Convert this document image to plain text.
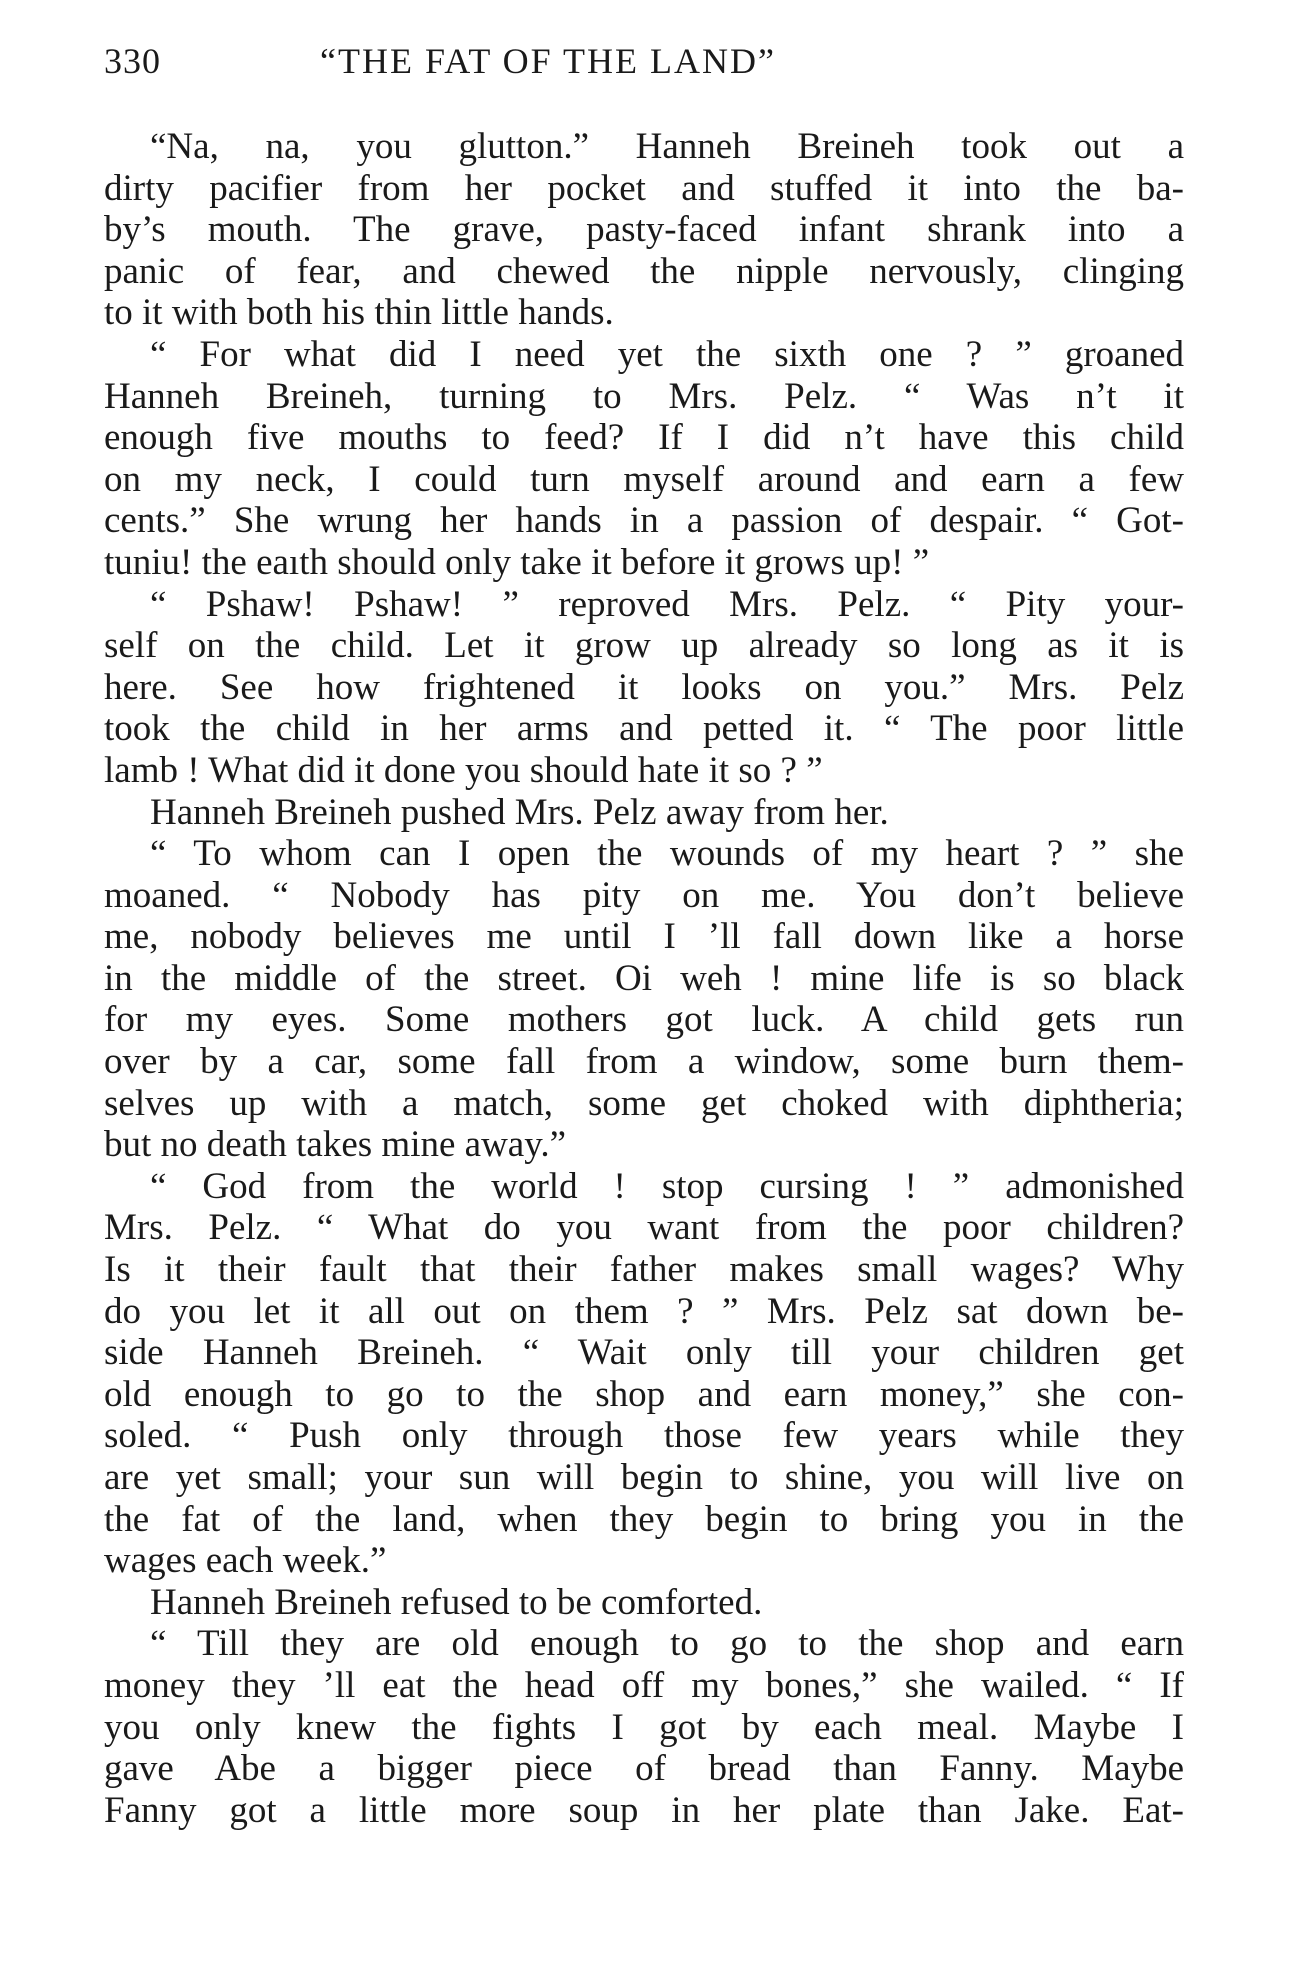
330	“THE FAT OF THE LAND”

“Na, na, you glutton.” Hanneh Breineh took out a
dirty pacifier from her pocket and stuffed it into the ba-
by’s mouth. The grave, pasty-faced infant shrank into a
panic of fear, and chewed the nipple nervously, clinging
to it with both his thin little hands.

“ For what did I need yet the sixth one ? ” groaned
Hanneh Breineh, turning to Mrs. Pelz. “ Was n’t it
enough five mouths to feed? If I did n’t have this child
on my neck, I could turn myself around and earn a few
cents.” She wrung her hands in a passion of despair. “ Got-
tuniu! the eaıth should only take it before it grows up! ”

“ Pshaw! Pshaw! ” reproved Mrs. Pelz. “ Pity your-
self on the child. Let it grow up already so long as it is
here. See how frightened it looks on you.” Mrs. Pelz
took the child in her arms and petted it. “ The poor little
lamb ! What did it done you should hate it so ? ”

Hanneh Breineh pushed Mrs. Pelz away from her.

“ To whom can I open the wounds of my heart ? ” she
moaned. “ Nobody has pity on me. You don’t believe
me, nobody believes me until I ’ll fall down like a horse
in the middle of the street. Oi weh ! mine life is so black
for my eyes. Some mothers got luck. A child gets run
over by a car, some fall from a window, some burn them-
selves up with a match, some get choked with diphtheria;
but no death takes mine away.”

“ God from the world ! stop cursing ! ” admonished
Mrs. Pelz. “ What do you want from the poor children?
Is it their fault that their father makes small wages? Why
do you let it all out on them ? ” Mrs. Pelz sat down be-
side Hanneh Breineh. “ Wait only till your children get
old enough to go to the shop and earn money,” she con-
soled. “ Push only through those few years while they
are yet small; your sun will begin to shine, you will live on
the fat of the land, when they begin to bring you in the
wages each week.”

Hanneh Breineh refused to be comforted.

“ Till they are old enough to go to the shop and earn
money they ’ll eat the head off my bones,” she wailed. “ If
you only knew the fights I got by each meal. Maybe I
gave Abe a bigger piece of bread than Fanny. Maybe
Fanny got a little more soup in her plate than Jake. Eat-
